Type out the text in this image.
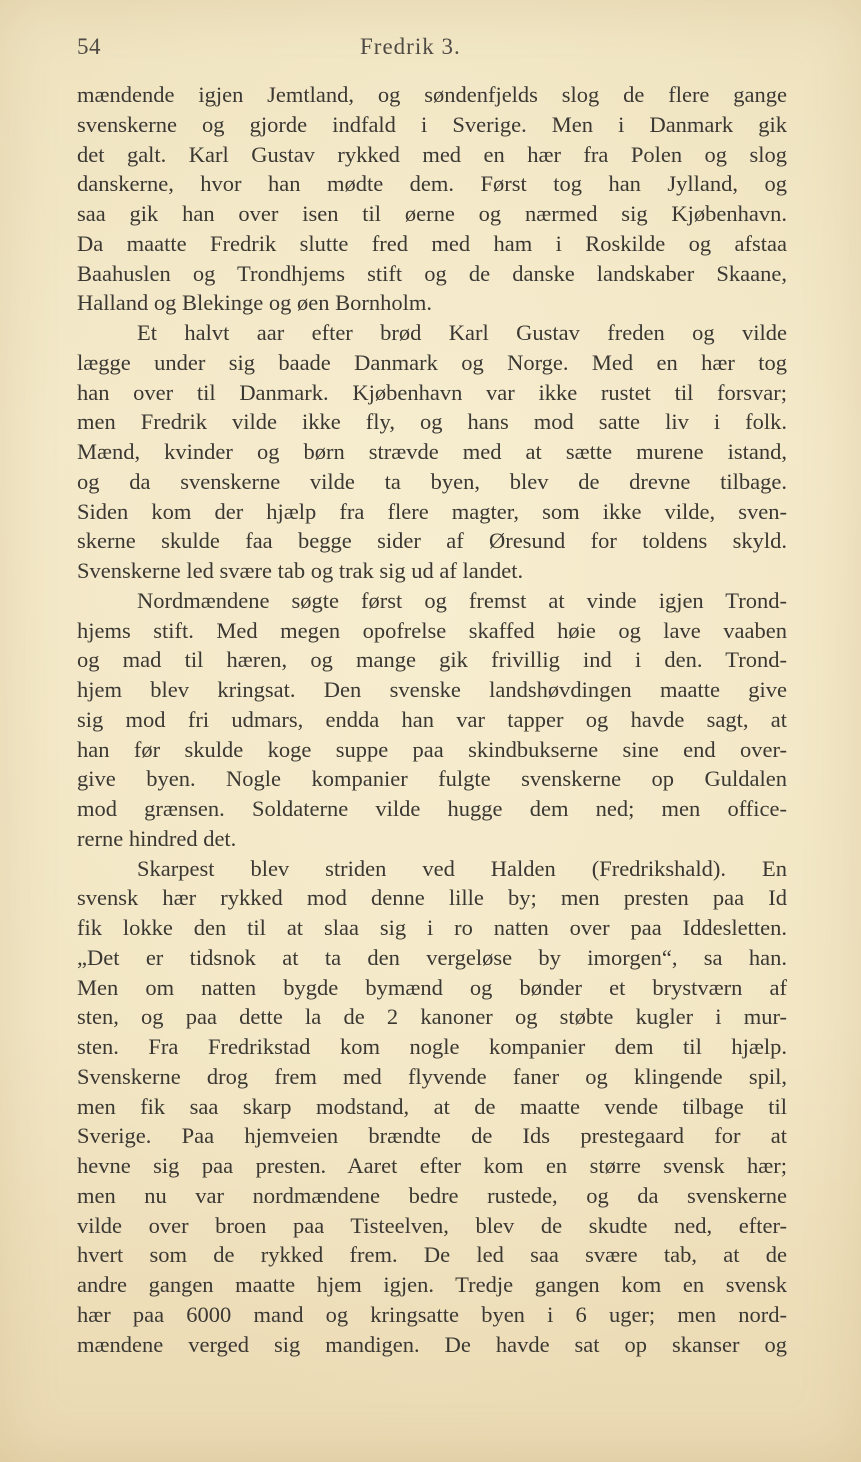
54	Fredrik 3.
mændende igjen Jemtland, og søndenfjelds slog de flere gange
svenskerne og gjorde indfald i Sverige. Men i Danmark gik
det galt. Karl Gustav rykked med en hær fra Polen og slog
danskerne, hvor han mødte dem. Først tog han Jylland, og
saa gik han over isen til øerne og nærmed sig Kjøbenhavn.
Da maatte Fredrik slutte fred med ham i Roskilde og afstaa
Baahuslen og Trondhjems stift og de danske landskaber Skaane,
Halland og Blekinge og øen Bornholm.
Et halvt aar efter brød Karl Gustav freden og vilde
lægge under sig baade Danmark og Norge. Med en hær tog
han over til Danmark. Kjøbenhavn var ikke rustet til forsvar;
men Fredrik vilde ikke fly, og hans mod satte liv i folk.
Mænd, kvinder og børn strævde med at sætte murene istand,
og da svenskerne vilde ta byen, blev de drevne tilbage.
Siden kom der hjælp fra flere magter, som ikke vilde, sven-
skerne skulde faa begge sider af Øresund for toldens skyld.
Svenskerne led svære tab og trak sig ud af landet.
Nordmændene søgte først og fremst at vinde igjen Trond-
hjems stift. Med megen opofrelse skaffed høie og lave vaaben
og mad til hæren, og mange gik frivillig ind i den. Trond-
hjem blev kringsat. Den svenske landshøvdingen maatte give
sig mod fri udmars, endda han var tapper og havde sagt, at
han før skulde koge suppe paa skindbukserne sine end over-
give byen. Nogle kompanier fulgte svenskerne op Guldalen
mod grænsen. Soldaterne vilde hugge dem ned; men office-
rerne hindred det.
Skarpest blev striden ved Halden (Fredrikshald). En
svensk hær rykked mod denne lille by; men presten paa Id
fik lokke den til at slaa sig i ro natten over paa Iddesletten.
„Det er tidsnok at ta den vergeløse by imorgen“, sa han.
Men om natten bygde bymænd og bønder et brystværn af
sten, og paa dette la de 2 kanoner og støbte kugler i mur-
sten. Fra Fredrikstad kom nogle kompanier dem til hjælp.
Svenskerne drog frem med flyvende faner og klingende spil,
men fik saa skarp modstand, at de maatte vende tilbage til
Sverige. Paa hjemveien brændte de Ids prestegaard for at
hevne sig paa presten. Aaret efter kom en større svensk hær;
men nu var nordmændene bedre rustede, og da svenskerne
vilde over broen paa Tisteelven, blev de skudte ned, efter-
hvert som de rykked frem. De led saa svære tab, at de
andre gangen maatte hjem igjen. Tredje gangen kom en svensk
hær paa 6000 mand og kringsatte byen i 6 uger; men nord-
mændene verged sig mandigen. De havde sat op skanser og
